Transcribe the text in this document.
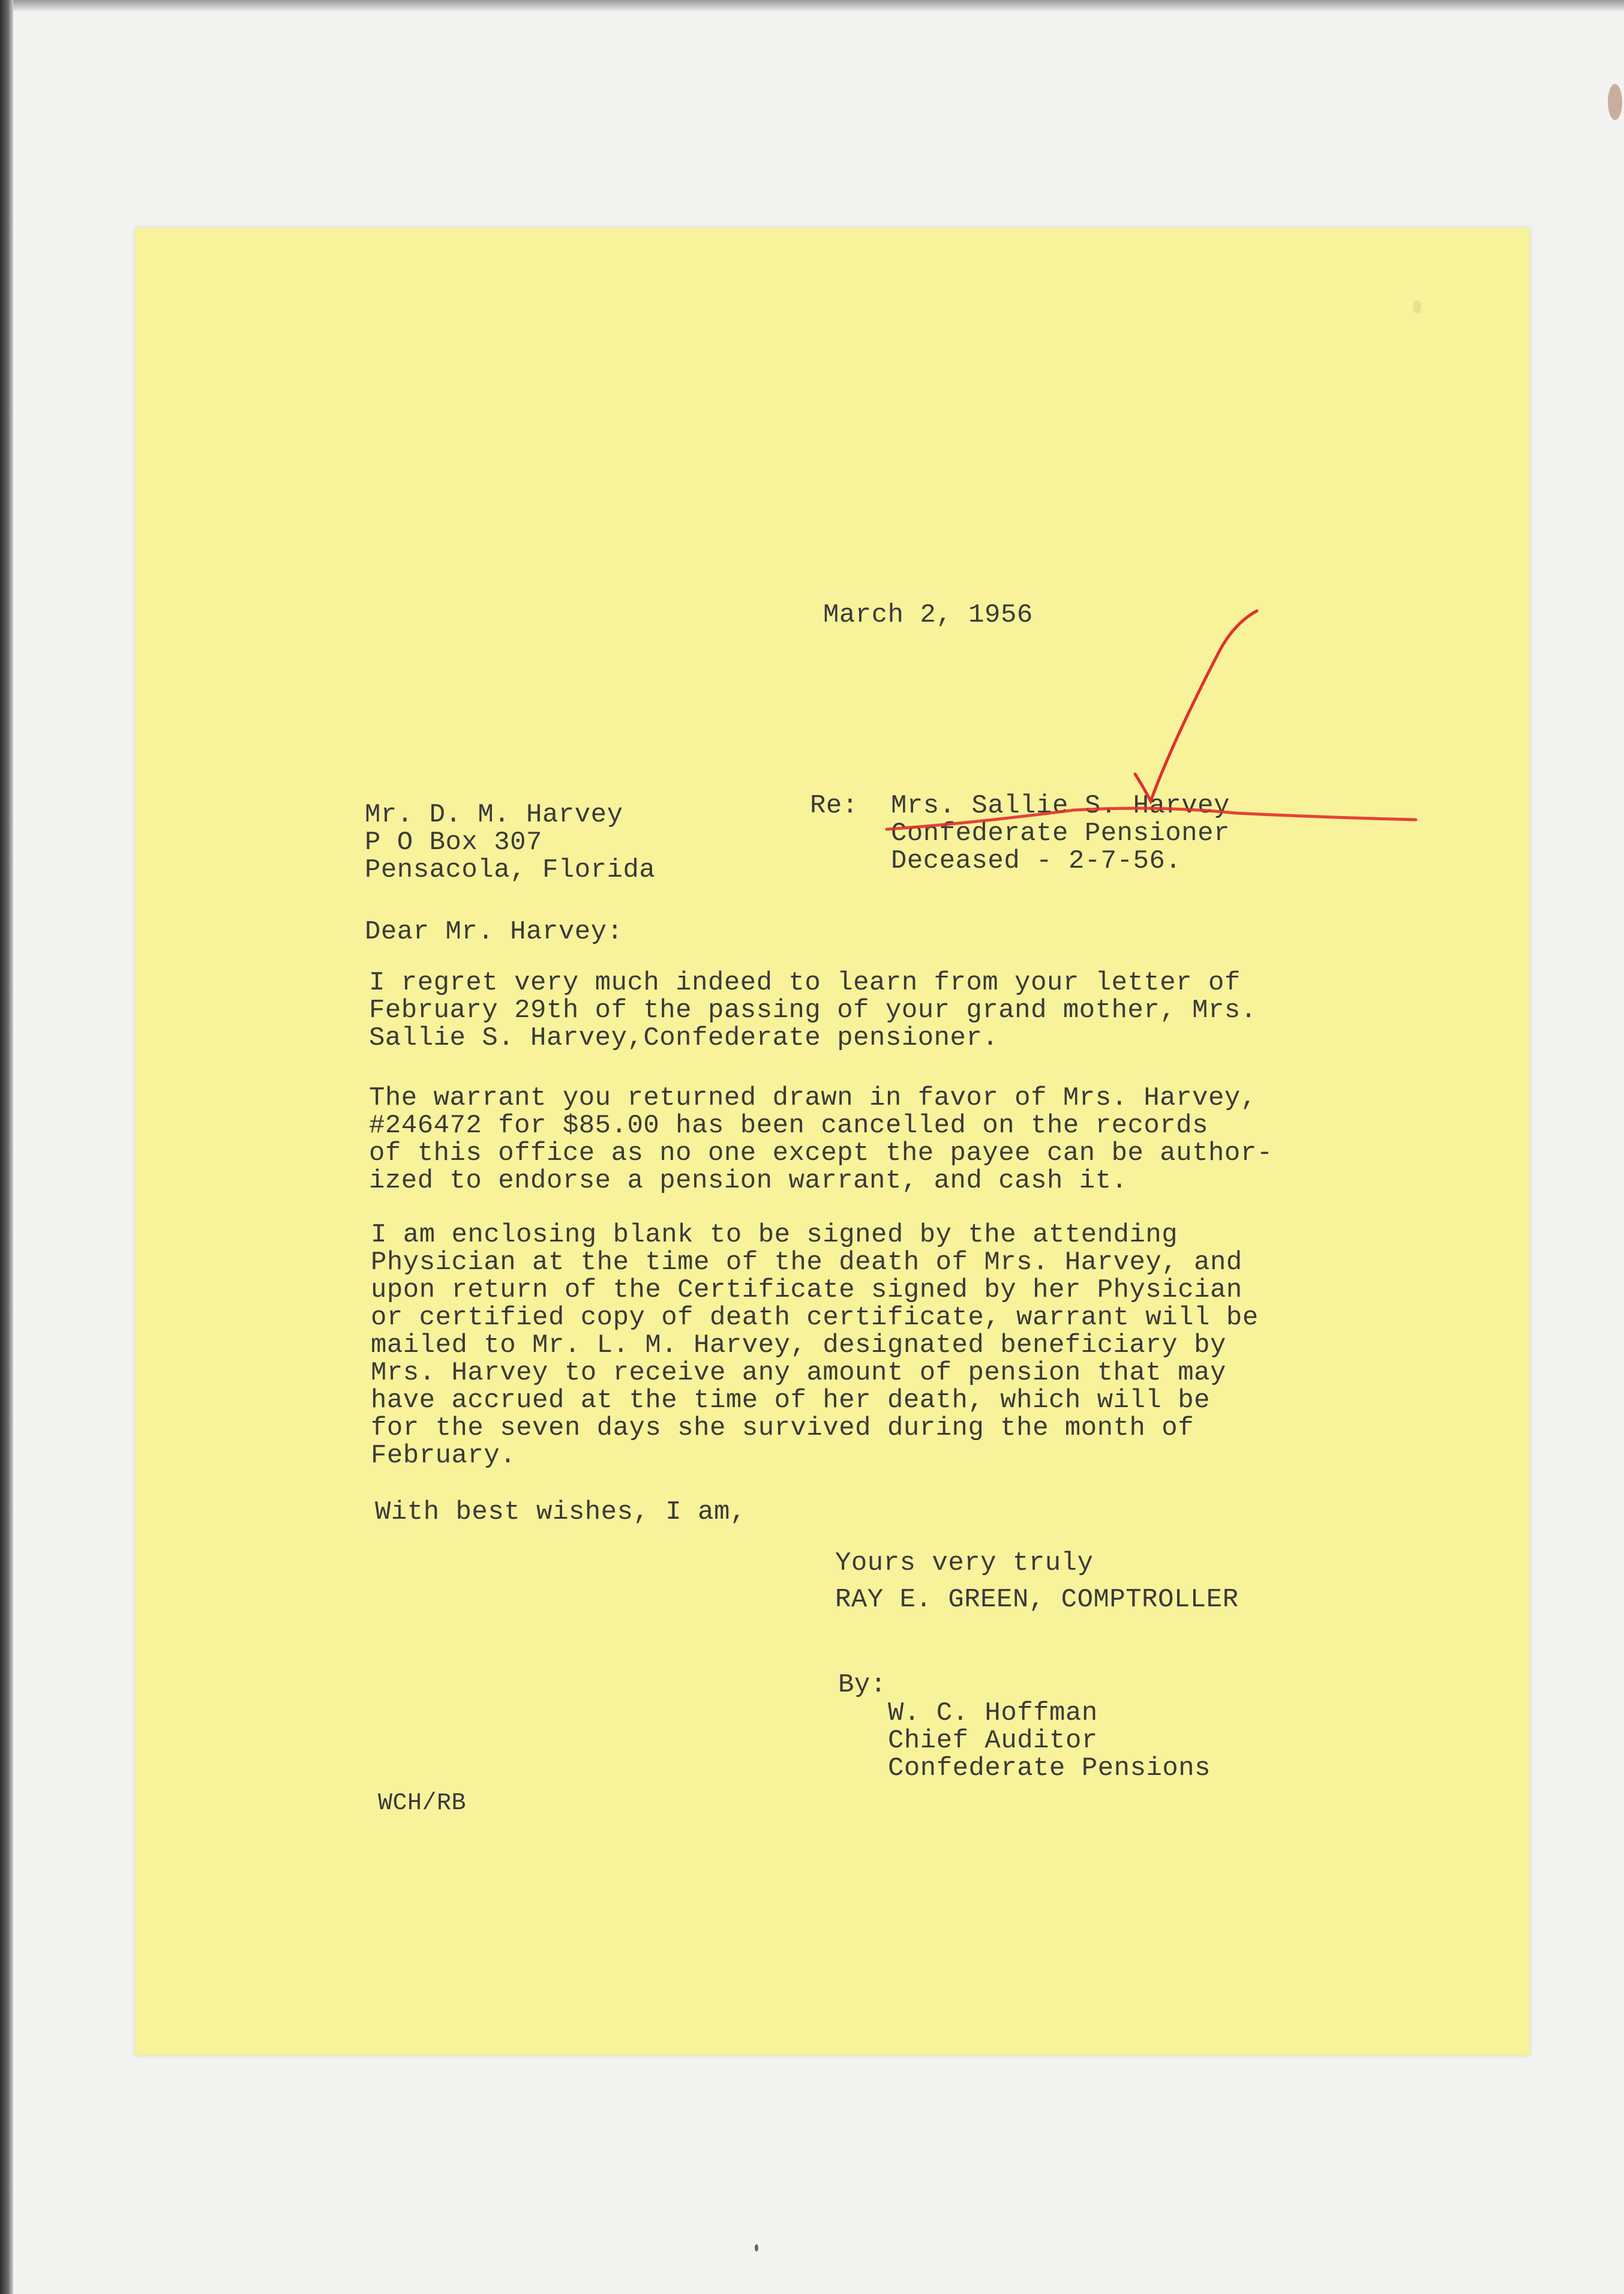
March 2, 1956
Mr. D. M. Harvey
P O Box 307
Pensacola, Florida
Re: Mrs. Sallie S. Harvey
Confederate Pensioner
Deceased - 2-7-56.
Dear Mr. Harvey:
I regret very much indeed to learn from your letter of
February 29th of the passing of your grand mother, Mrs.
Sallie S. Harvey,Confederate pensioner.
The warrant you returned drawn in favor of Mrs. Harvey,
#246472 for $85.00 has been cancelled on the records
of this office as no one except the payee can be author-
ized to endorse a pension warrant, and cash it.
I am enclosing blank to be signed by the attending
Physician at the time of the death of Mrs. Harvey, and
upon return of the Certificate signed by her Physician
or certified copy of death certificate, warrant will be
mailed to Mr. L. M. Harvey, designated beneficiary by
Mrs. Harvey to receive any amount of pension that may
have accrued at the time of her death, which will be
for the seven days she survived during the month of
February.
With best wishes, I am,
Yours very truly
RAY E. GREEN, COMPTROLLER
By:
W. C. Hoffman
Chief Auditor
Confederate Pensions
WCH/RB
